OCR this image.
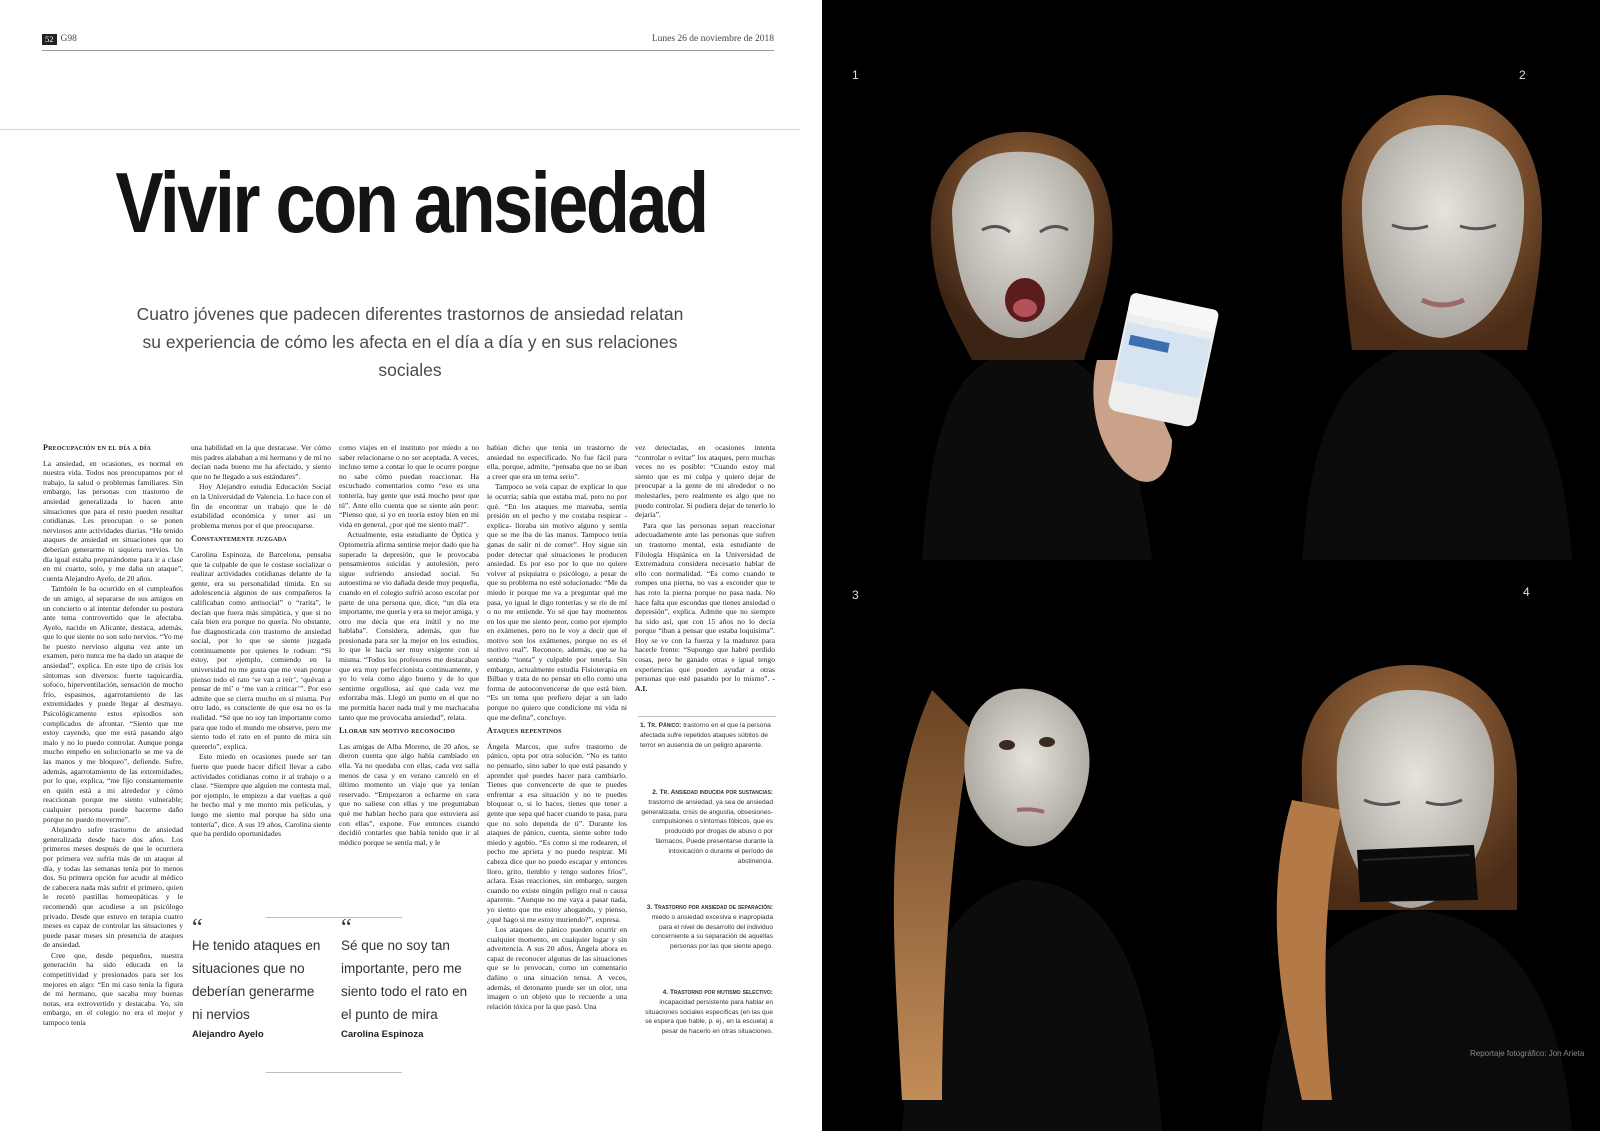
52 G98	Lunes 26 de noviembre de 2018
Vivir con ansiedad
Cuatro jóvenes que padecen diferentes trastornos de ansiedad relatan su experiencia de cómo les afecta en el día a día y en sus relaciones sociales
Preocupación en el día a día

La ansiedad, en ocasiones, es normal en nuestra vida. Todos nos preocupamos por el trabajo, la salud o problemas familiares. Sin embargo, las personas con trastorno de ansiedad generalizada lo hacen ante situaciones que para el resto pueden resultar cotidianas. Les preocupan o se ponen nerviosos ante actividades diarias. “He tenido ataques de ansiedad en situaciones que no deberían generarme ni siquiera nervios. Un día igual estaba preparándome para ir a clase en mi cuarto, solo, y me daba un ataque”, cuenta Alejandro Ayelo, de 20 años.

También le ha ocurrido en el cumpleaños de un amigo, al separarse de sus amigos en un concierto o al intentar defender su postura ante tema controvertido que le afectaba. Ayelo, nacido en Alicante, destaca, además, que lo que siente no son solo nervios. “Yo me he puesto nervioso alguna vez ante un examen, pero nunca me ha dado un ataque de ansiedad”, explica. En este tipo de crisis los síntomas son diversos: fuerte taquicardia, sofoco, hiperventilación, sensación de mucho frío, espasmos, agarrotamiento de las extremidades y puede llegar al desmayo. Psicológicamente estos episodios son complicados de afrontar. “Siento que me estoy cayendo, que me está pasando algo malo y no lo puedo controlar. Aunque ponga mucho empeño en solucionarlo se me va de las manos y me bloqueo”, defiende. Sufre, además, agarrotamiento de las extremidades, por lo que, explica, “me fijo constantemente en quién está a mi alrededor y cómo reaccionan porque me siento vulnerable; cualquier persona puede hacerme daño porque no puedo moverme”.

Alejandro sufre trastorno de ansiedad generalizada desde hace dos años. Los primeros meses después de que le ocurriera por primera vez sufría más de un ataque al día, y todas las semanas tenía por lo menos dos. Su primera opción fue acudir al médico de cabecera nada más sufrir el primero, quien le recetó pastillas homeopáticas y le recomendó que acudiese a un psicólogo privado. Desde que estuvo en terapia cuatro meses es capaz de controlar las situaciones y puede pasar meses sin presencia de ataques de ansiedad.

Cree que, desde pequeños, nuestra generación ha sido educada en la competitividad y presionados para ser los mejores en algo: “En mi caso tenía la figura de mi hermano, que sacaba muy buenas notas, era extrovertido y destacaba. Yo, sin embargo, en el colegio no era el mejor y tampoco tenía

una habilidad en la que destacase. Ver cómo mis padres alababan a mi hermano y de mí no decían nada bueno me ha afectado, y siento que no he llegado a sus estándares”.

Hoy Alejandro estudia Educación Social en la Universidad de Valencia. Lo hace con el fin de encontrar un trabajo que le dé estabilidad económica y tener así un problema menos por el que preocuparse.

Constantemente juzgada

Carolina Espinoza, de Barcelona, pensaba que la culpable de que le costase socializar o realizar actividades cotidianas delante de la gente, era su personalidad tímida. En su adolescencia algunos de sus compañeros la calificaban como antisocial” o “rarita”, le decían que fuera más simpática, y que si no caía bien era porque no quería. No obstante, fue diagnosticada con trastorno de ansiedad social, por lo que se siente juzgada continuamente por quienes le rodean: “Si estoy, por ejemplo, comiendo en la universidad no me gusta que me vean porque pienso todo el rato ‘se van a reír’, ‘quévan a pensar de mí’ o ‘me van a criticar’”. Por eso admite que se cierra mucho en sí misma. Por otro lado, es consciente de que esa no es la realidad. “Sé que no soy tan importante como para que todo el mundo me observe, pero me siento todo el rato en el punto de mira sin quererlo”, explica.

Este miedo en ocasiones puede ser tan fuerte que puede hacer difícil llevar a cabo actividades cotidianas como ir al trabajo o a clase. “Siempre que alguien me contesta mal, por ejemplo, le empiezo a dar vueltas a qué he hecho mal y me monto mis películas, y luego me siento mal porque ha sido una tontería”, dice. A sus 19 años, Carolina siente que ha perdido oportunidades

como viajes en el instituto por miedo a no saber relacionarse o no ser aceptada. A veces, incluso teme a contar lo que le ocurre porque no sabe cómo puedan reaccionar. Ha escuchado comentarios como “eso es una tontería, hay gente que está mucho peor que tú”. Ante ello cuenta que se siente aún peor: “Pienso que, si yo en teoría estoy bien en mi vida en general, ¿por qué me siento mal?”.

Actualmente, esta estudiante de Óptica y Optometría afirma sentirse mejor dado que ha superado la depresión, que le provocaba pensamientos suicidas y autolesión, pero sigue sufriendo ansiedad social. Su autoestima se vio dañada desde muy pequeña, cuando en el colegio sufrió acoso escolar por parte de una persona que, dice, “un día era importante, me quería y era su mejor amiga, y otro me decía que era inútil y no me hablaba”. Considera, además, que fue presionada para ser la mejor en los estudios, lo que le hacía ser muy exigente con sí misma. “Todos los profesores me destacaban que era muy perfeccionista continuamente, y yo lo veía como algo bueno y de lo que sentirme orgullosa, así que cada vez me esforzaba más. Llegó un punto en el que no me permitía hacer nada mal y me machacaba tanto que me provocaba ansiedad”, relata.

Llorar sin motivo reconocido

Las amigas de Alba Moreno, de 20 años, se dieron cuenta que algo había cambiado en ella. Ya no quedaba con ellas, cada vez salía menos de casa y en verano canceló en el último momento un viaje que ya tenían reservado. “Empezaron a echarme en cara que no saliese con ellas y me preguntaban qué me habían hecho para que estuviera así con ellas”, expone. Fue entonces cuando decidió contarles que había tenido que ir al médico porque se sentía mal, y le

habían dicho que tenía un trastorno de ansiedad no especificado. No fue fácil para ella, porque, admite, “pensaba que no se iban a creer que era un tema serio”.

Tampoco se veía capaz de explicar lo que le ocurría; sabía que estaba mal, pero no por qué. “En los ataques me mareaba, sentía presión en el pecho y me costaba respirar -explica- lloraba sin motivo alguno y sentía que se me iba de las manos. Tampoco tenía ganas de salir ni de comer”. Hoy sigue sin poder detectar qué situaciones le producen ansiedad. Es por eso por lo que no quiere volver al psiquiatra o psicólogo, a pesar de que su problema no esté solucionado: “Me da miedo ir porque me va a preguntar qué me pasa, yo igual le digo tonterías y se ríe de mí o no me entiende. Yo sé que hay momentos en los que me siento peor, como por ejemplo en exámenes, pero no le voy a decir que el motivo son los exámenes, porque no es el motivo real”. Reconoce, además, que se ha sentido “tonta” y culpable por tenerla. Sin embargo, actualmente estudia Fisioterapia en Bilbao y trata de no pensar en ello como una forma de autoconvencerse de que está bien. “Es un tema que prefiero dejar a un lado porque no quiero que condicione mi vida ni que me defina”, concluye.

Ataques repentinos

Ángela Marcos, que sufre trastorno de pánico, opta por otra solución. “No es tanto no pensarlo, sino saber lo que está pasando y aprender qué puedes hacer para cambiarlo. Tienes que convencerte de que te puedes enfrentar a esa situación y no te puedes bloquear o, si lo haces, tienes que tener a gente que sepa qué hacer cuando te pasa, para que no solo dependa de ti”. Durante los ataques de pánico, cuenta, siente sobre todo miedo y agobio. “Es como si me rodearen, el pecho me aprieta y no puedo respirar. Mi cabeza dice que no puedo escapar y entonces lloro, grito, tiemblo y tengo sudores fríos”, aclara. Esas reacciones, sin embargo, surgen cuando no existe ningún peligro real o causa aparente. “Aunque no me vaya a pasar nada, yo siento que me estoy ahogando, y pienso, ¿qué hago si me estoy muriendo?”, expresa.

Los ataques de pánico pueden ocurrir en cualquier momento, en cualquier lugar y sin advertencia. A sus 20 años, Ángela ahora es capaz de reconocer algunas de las situaciones que se lo provocan, como un comentario dañino o una situación tensa. A veces, además, el detonante puede ser un olor, una imagen o un objeto que le recuerde a una relación tóxica por la que pasó. Una

vez detectadas, en ocasiones intenta “controlar o evitar” los ataques, pero muchas veces no es posible: “Cuando estoy mal siento que es mi culpa y quiero dejar de preocupar a la gente de mi alrededor o no molestarles, pero realmente es algo que no puedo controlar. Si pudiera dejar de tenerlo lo dejaría”.

Para que las personas sepan reaccionar adecuadamente ante las personas que sufren un trastorno mental, esta estudiante de Filología Hispánica en la Universidad de Extremadura considera necesario hablar de ello con normalidad. “Es como cuando te rompes una pierna, no vas a esconder que te has roto la pierna porque no pasa nada. No hace falta que escondas que tienes ansiedad o depresión”, explica. Admite que no siempre ha sido así, que con 15 años no lo decía porque “iban a pensar que estaba loquísima”. Hoy se ve con la fuerza y la madurez para hacerle frente: “Supongo que habré perdido cosas, pero he ganado otras e igual tengo experiencias que pueden ayudar a otras personas que esté pasando por lo mismo”. -A.I.

“
He tenido ataques en situaciones que no deberían generarme ni nervios
Alejandro Ayelo
“
Sé que no soy tan importante, pero me siento todo el rato en el punto de mira
Carolina Espinoza
1. Tr. Pánico: trastorno en el que la persona afectada sufre repetidos ataques súbitos de terror en ausencia de un peligro aparente.
2. Tr. Ansiedad inducida por sustancias: trastorno de ansiedad, ya sea de ansiedad generalizada, crisis de angustia, obsesiones-compulsiones o síntomas fóbicos, que es producido por drogas de abuso o por fármacos. Puede presentarse durante la intoxicación o durante el período de abstinencia.
3. Trastorno por ansiedad de separación: miedo o ansiedad excesiva e inapropiada para el nivel de desarrollo del individuo concerniente a su separación de aquellas personas por las que siente apego.
4. Trastorno por mutismo selectivo: incapacidad persistente para hablar en situaciones sociales específicas (en las que se espera que hable, p. ej., en la escuela) a pesar de hacerlo en otras situaciones.
1	2
3	4
Reportaje fotográfico: Jon Arieta
